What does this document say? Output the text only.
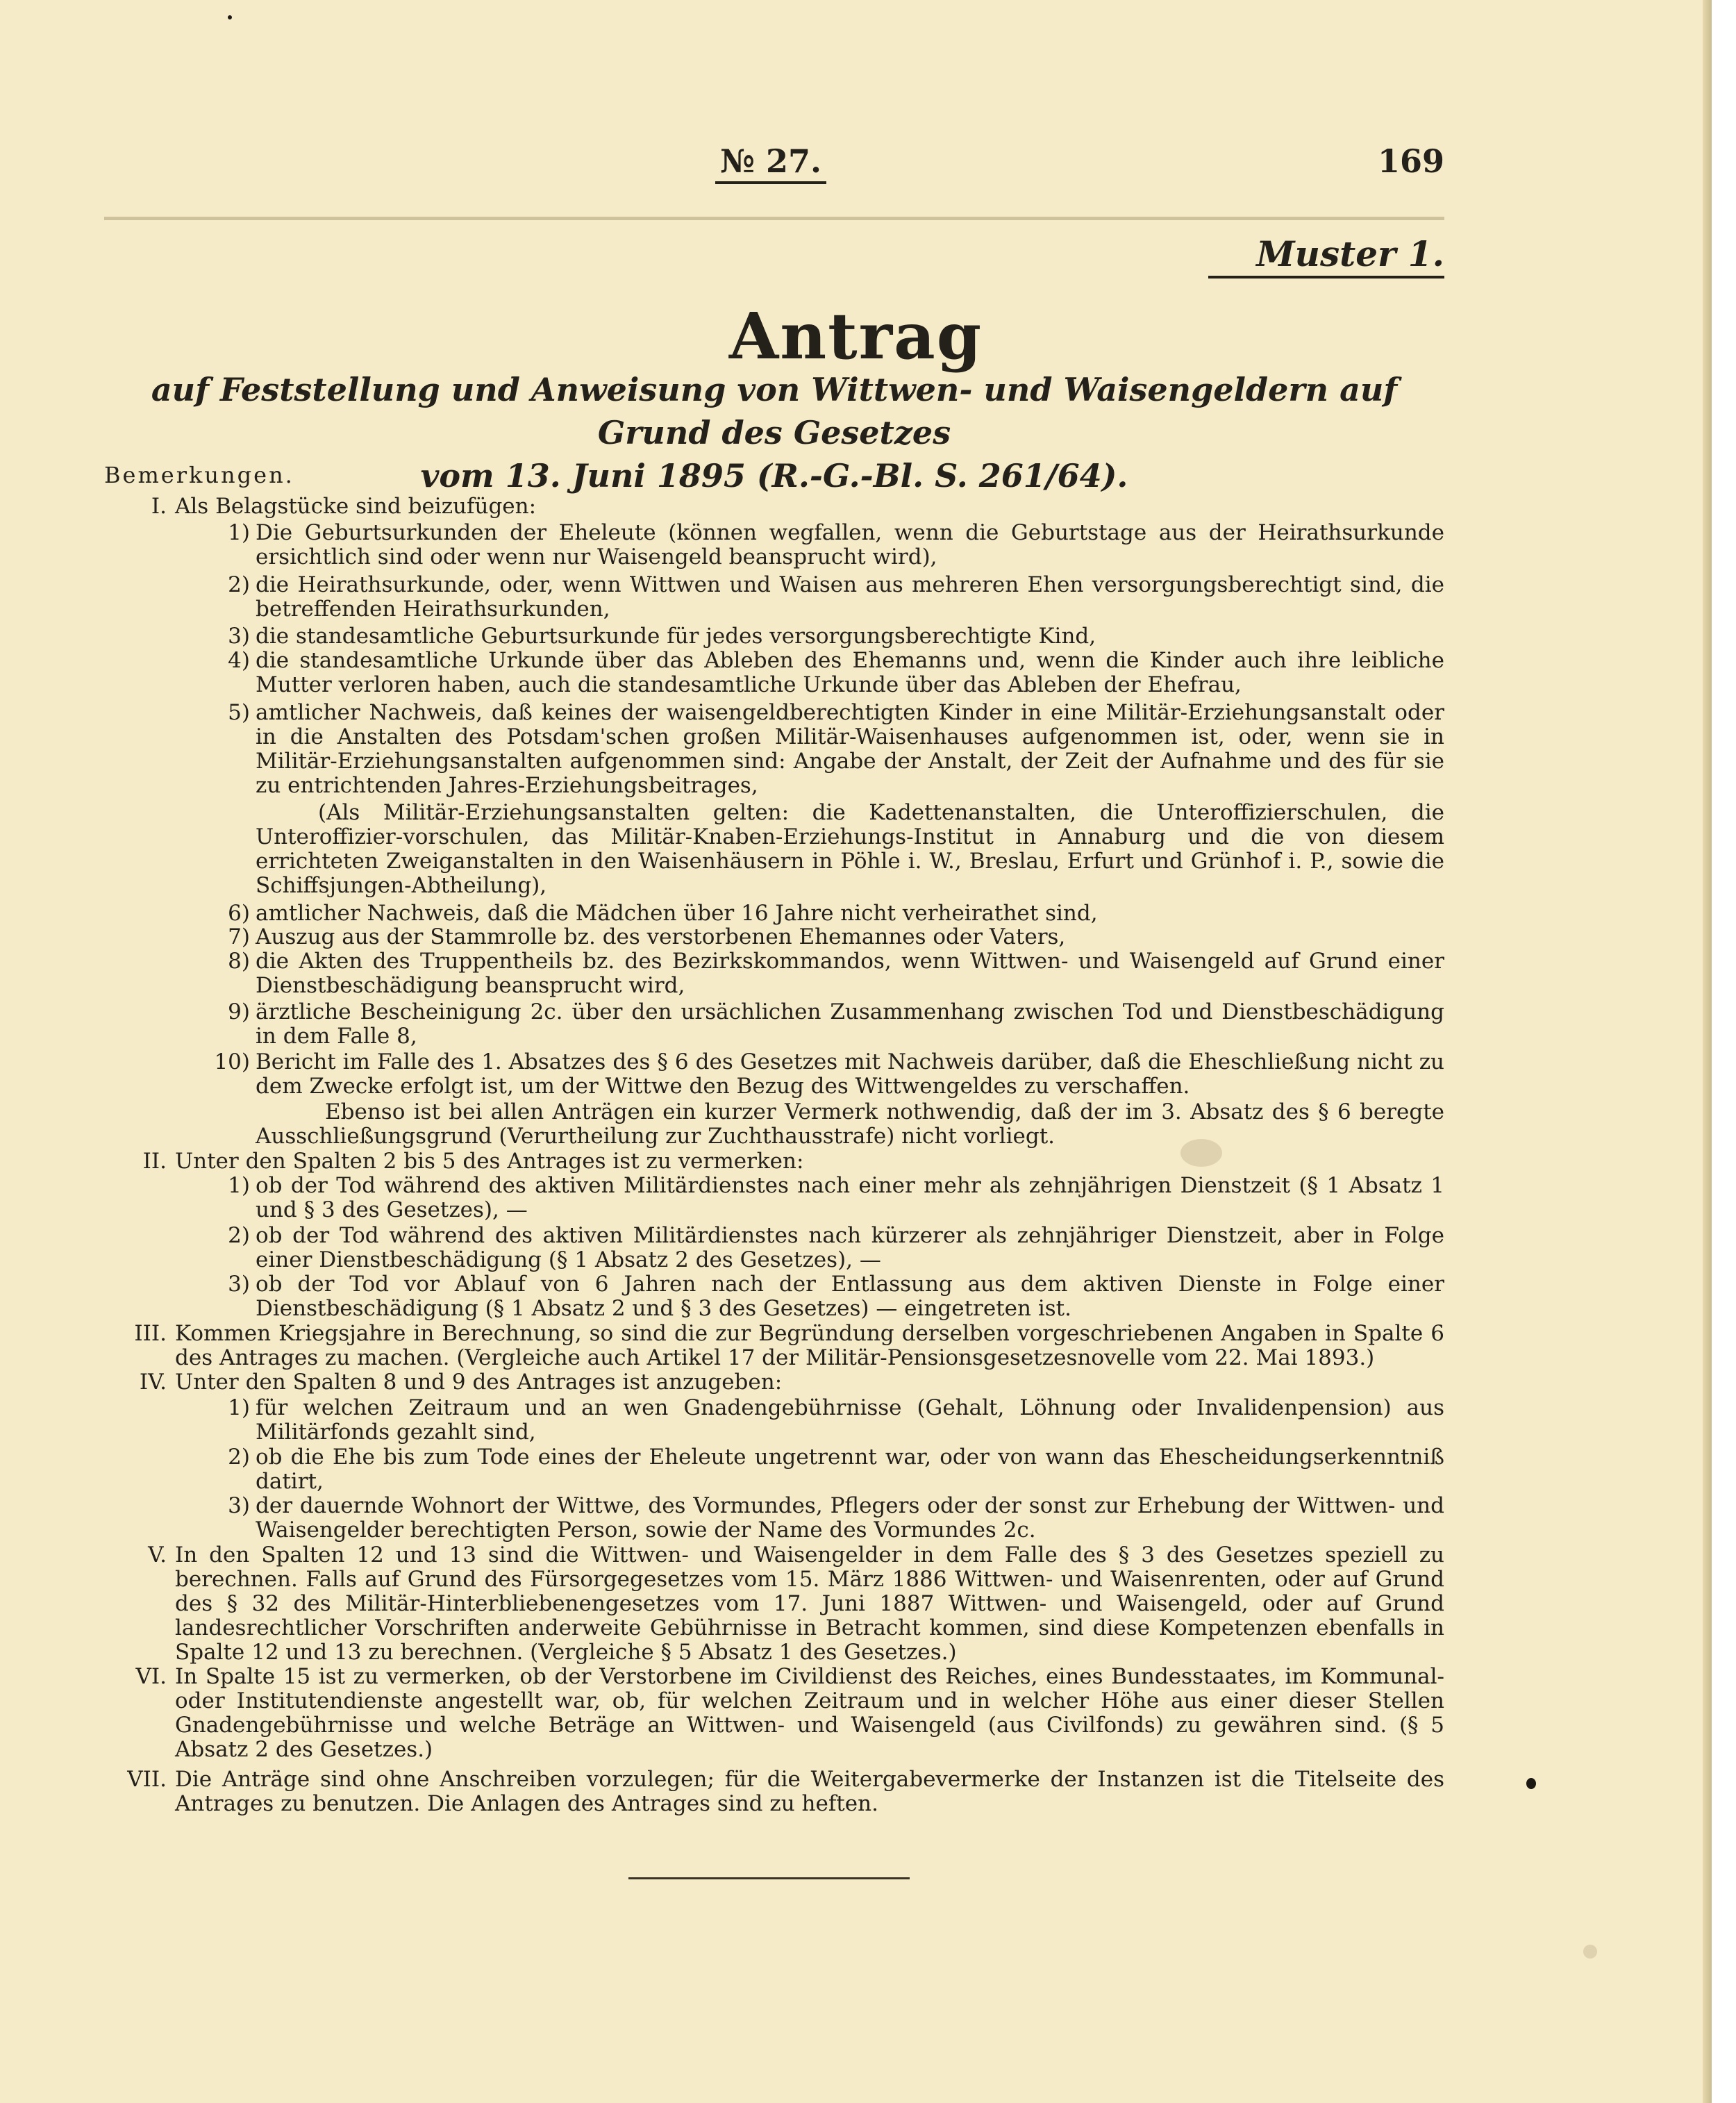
№ 27.	169
Muster 1.
Antrag
auf Feststellung und Anweisung von Wittwen- und Waisengeldern auf Grund des Gesetzes
vom 13. Juni 1895 (R.-G.-Bl. S. 261/64).
Bemerkungen.
I. Als Belagstücke sind beizufügen:
1) Die Geburtsurkunden der Eheleute (können wegfallen, wenn die Geburtstage aus der Heirathsurkunde ersichtlich sind oder wenn nur Waisengeld beansprucht wird),
2) die Heirathsurkunde, oder, wenn Wittwen und Waisen aus mehreren Ehen versorgungsberechtigt sind, die betreffenden Heirathsurkunden,
3) die standesamtliche Geburtsurkunde für jedes versorgungsberechtigte Kind,
4) die standesamtliche Urkunde über das Ableben des Ehemanns und, wenn die Kinder auch ihre leibliche Mutter verloren haben, auch die standesamtliche Urkunde über das Ableben der Ehefrau,
5) amtlicher Nachweis, daß keines der waisengeldberechtigten Kinder in eine Militär-Erziehungsanstalt oder in die Anstalten des Potsdam'schen großen Militär-Waisenhauses aufgenommen ist, oder, wenn sie in Militär-Erziehungsanstalten aufgenommen sind: Angabe der Anstalt, der Zeit der Aufnahme und des für sie zu entrichtenden Jahres-Erziehungsbeitrages,
(Als Militär-Erziehungsanstalten gelten: die Kadettenanstalten, die Unteroffizierschulen, die Unteroffizier-vorschulen, das Militär-Knaben-Erziehungs-Institut in Annaburg und die von diesem errichteten Zweiganstalten in den Waisenhäusern in Pöhle i. W., Breslau, Erfurt und Grünhof i. P., sowie die Schiffsjungen-Abtheilung),
6) amtlicher Nachweis, daß die Mädchen über 16 Jahre nicht verheirathet sind,
7) Auszug aus der Stammrolle bz. des verstorbenen Ehemannes oder Vaters,
8) die Akten des Truppentheils bz. des Bezirkskommandos, wenn Wittwen- und Waisengeld auf Grund einer Dienstbeschädigung beansprucht wird,
9) ärztliche Bescheinigung 2c. über den ursächlichen Zusammenhang zwischen Tod und Dienstbeschädigung in dem Falle 8,
10) Bericht im Falle des 1. Absatzes des § 6 des Gesetzes mit Nachweis darüber, daß die Eheschließung nicht zu dem Zwecke erfolgt ist, um der Wittwe den Bezug des Wittwengeldes zu verschaffen.
Ebenso ist bei allen Anträgen ein kurzer Vermerk nothwendig, daß der im 3. Absatz des § 6 beregte Ausschließungsgrund (Verurtheilung zur Zuchthausstrafe) nicht vorliegt.
II. Unter den Spalten 2 bis 5 des Antrages ist zu vermerken:
1) ob der Tod während des aktiven Militärdienstes nach einer mehr als zehnjährigen Dienstzeit (§ 1 Absatz 1 und § 3 des Gesetzes), —
2) ob der Tod während des aktiven Militärdienstes nach kürzerer als zehnjähriger Dienstzeit, aber in Folge einer Dienstbeschädigung (§ 1 Absatz 2 des Gesetzes), —
3) ob der Tod vor Ablauf von 6 Jahren nach der Entlassung aus dem aktiven Dienste in Folge einer Dienstbeschädigung (§ 1 Absatz 2 und § 3 des Gesetzes) — eingetreten ist.
III. Kommen Kriegsjahre in Berechnung, so sind die zur Begründung derselben vorgeschriebenen Angaben in Spalte 6 des Antrages zu machen. (Vergleiche auch Artikel 17 der Militär-Pensionsgesetzesnovelle vom 22. Mai 1893.)
IV. Unter den Spalten 8 und 9 des Antrages ist anzugeben:
1) für welchen Zeitraum und an wen Gnadengebührnisse (Gehalt, Löhnung oder Invalidenpension) aus Militärfonds gezahlt sind,
2) ob die Ehe bis zum Tode eines der Eheleute ungetrennt war, oder von wann das Ehescheidungserkenntniß datirt,
3) der dauernde Wohnort der Wittwe, des Vormundes, Pflegers oder der sonst zur Erhebung der Wittwen- und Waisengelder berechtigten Person, sowie der Name des Vormundes 2c.
V. In den Spalten 12 und 13 sind die Wittwen- und Waisengelder in dem Falle des § 3 des Gesetzes speziell zu berechnen. Falls auf Grund des Fürsorgegesetzes vom 15. März 1886 Wittwen- und Waisenrenten, oder auf Grund des § 32 des Militär-Hinterbliebenengesetzes vom 17. Juni 1887 Wittwen- und Waisengeld, oder auf Grund landesrechtlicher Vorschriften anderweite Gebührnisse in Betracht kommen, sind diese Kompetenzen ebenfalls in Spalte 12 und 13 zu berechnen. (Vergleiche § 5 Absatz 1 des Gesetzes.)
VI. In Spalte 15 ist zu vermerken, ob der Verstorbene im Civildienst des Reiches, eines Bundesstaates, im Kommunal- oder Institutendienste angestellt war, ob, für welchen Zeitraum und in welcher Höhe aus einer dieser Stellen Gnadengebührnisse und welche Beträge an Wittwen- und Waisengeld (aus Civilfonds) zu gewähren sind. (§ 5 Absatz 2 des Gesetzes.)
VII. Die Anträge sind ohne Anschreiben vorzulegen; für die Weitergabevermerke der Instanzen ist die Titelseite des Antrages zu benutzen. Die Anlagen des Antrages sind zu heften.
